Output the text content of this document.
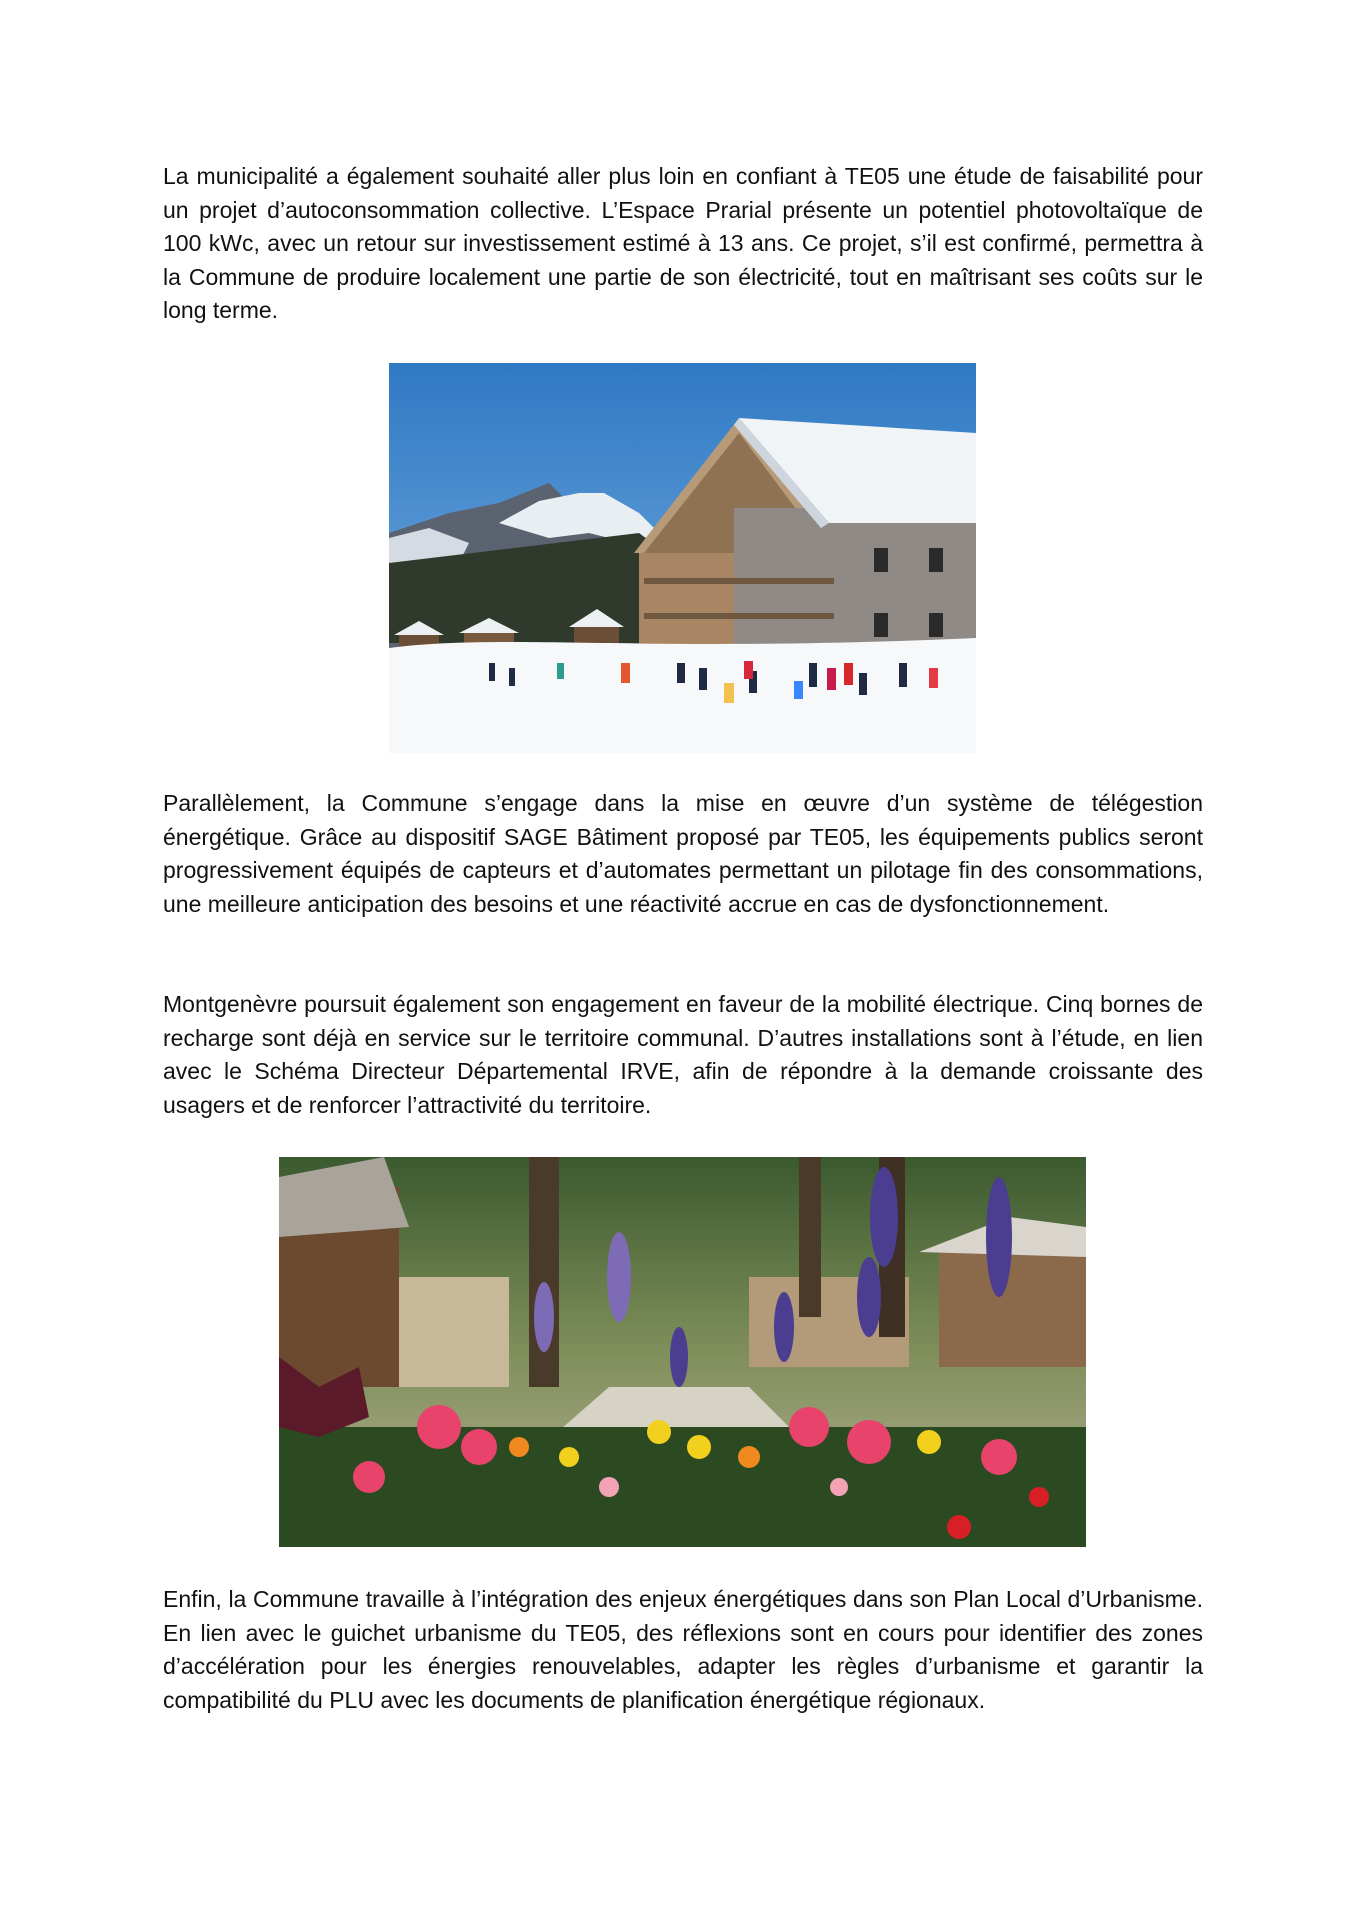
La municipalité a également souhaité aller plus loin en confiant à TE05 une étude de faisabilité pour un projet d’autoconsommation collective. L’Espace Prarial présente un potentiel photovoltaïque de 100 kWc, avec un retour sur investissement estimé à 13 ans. Ce projet, s’il est confirmé, permettra à la Commune de produire localement une partie de son électricité, tout en maîtrisant ses coûts sur le long terme.

Parallèlement, la Commune s’engage dans la mise en œuvre d’un système de télégestion énergétique. Grâce au dispositif SAGE Bâtiment proposé par TE05, les équipements publics seront progressivement équipés de capteurs et d’automates permettant un pilotage fin des consommations, une meilleure anticipation des besoins et une réactivité accrue en cas de dysfonctionnement.

Montgenèvre poursuit également son engagement en faveur de la mobilité électrique. Cinq bornes de recharge sont déjà en service sur le territoire communal. D’autres installations sont à l’étude, en lien avec le Schéma Directeur Départemental IRVE, afin de répondre à la demande croissante des usagers et de renforcer l’attractivité du territoire.

Enfin, la Commune travaille à l’intégration des enjeux énergétiques dans son Plan Local d’Urbanisme. En lien avec le guichet urbanisme du TE05, des réflexions sont en cours pour identifier des zones d’accélération pour les énergies renouvelables, adapter les règles d’urbanisme et garantir la compatibilité du PLU avec les documents de planification énergétique régionaux.
